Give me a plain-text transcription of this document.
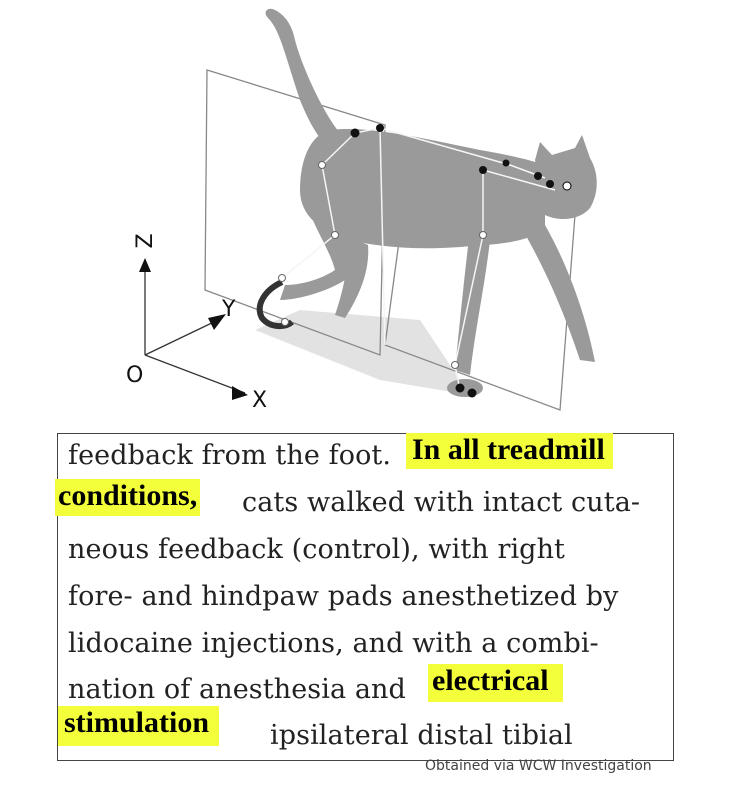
Z
Y
X
O
feedback from the foot. In all treadmill
conditions, cats walked with intact cuta-
neous feedback (control), with right
fore- and hindpaw pads anesthetized by
lidocaine injections, and with a combi-
nation of anesthesia and electrical
stimulation	ipsilateral distal tibial
Obtained via WCW Investigation
